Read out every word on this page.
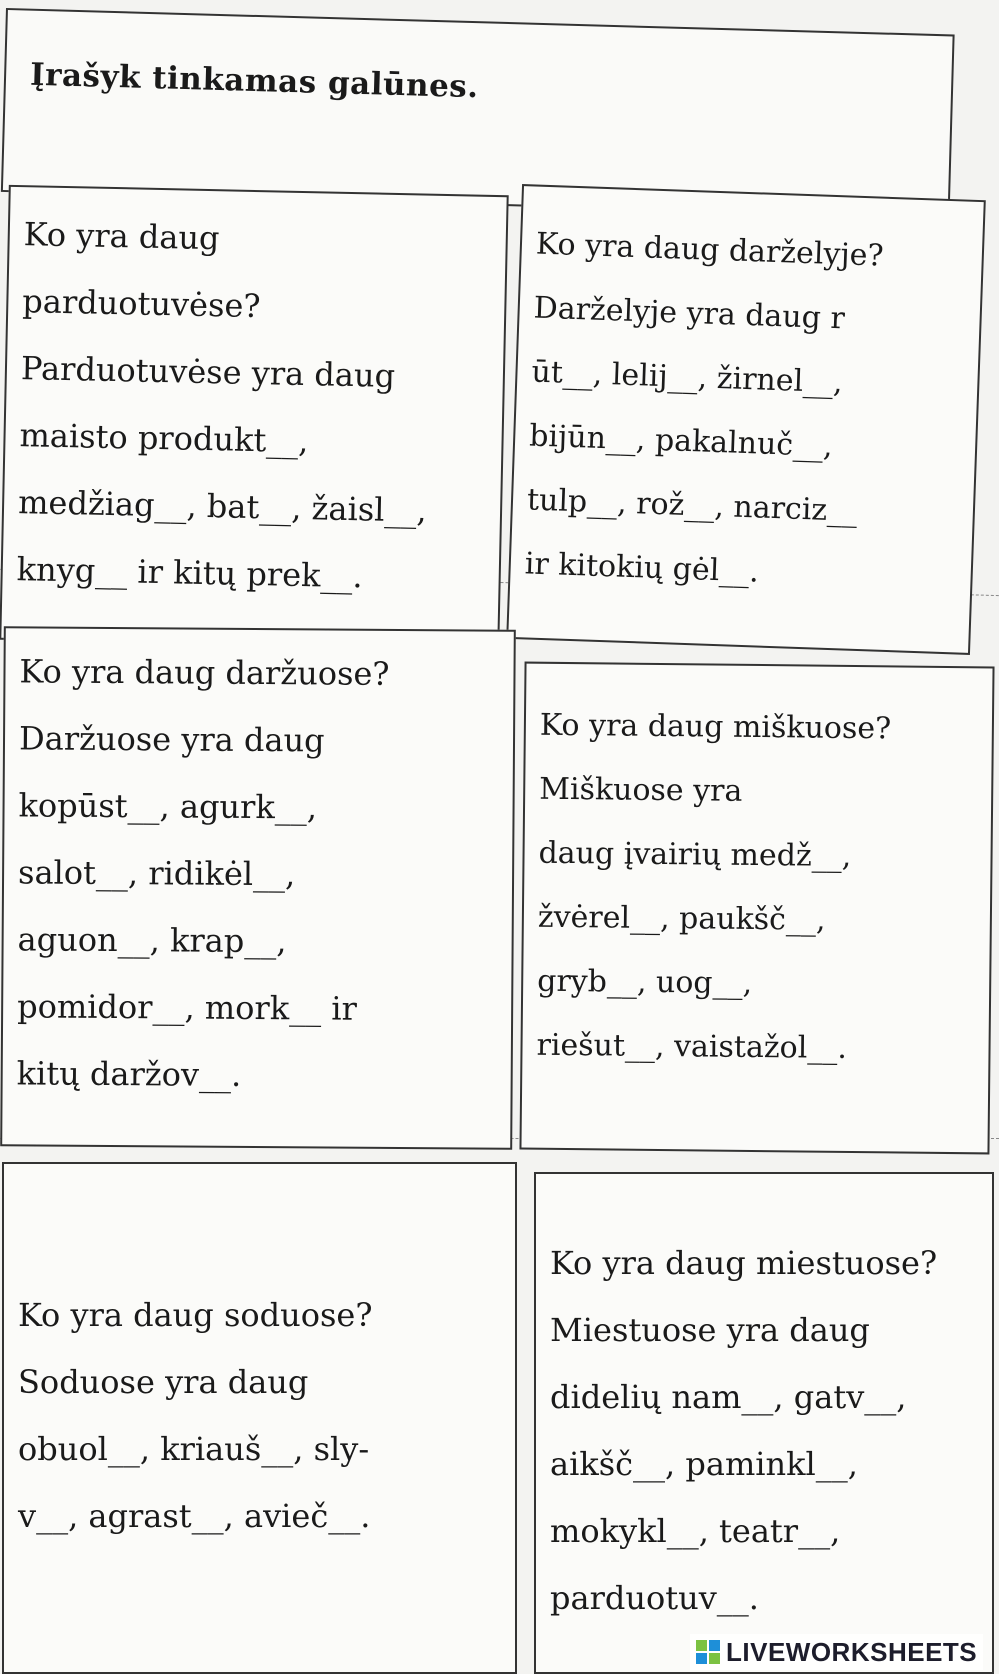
Įrašyk tinkamas galūnes.

Ko yra daug

parduotuvėse?

Parduotuvėse yra daug

maisto produkt__,

medžiag__, bat__, žaisl__,

knyg__ ir kitų prek__.

Ko yra daug darželyje?

Darželyje yra daug r

ūt__, lelij__, žirnel__,

bijūn__, pakalnuč__,

tulp__, rož__, narciz__

ir kitokių gėl__.

Ko yra daug daržuose?

Daržuose yra daug

kopūst__, agurk__,

salot__, ridikėl__,

aguon__, krap__,

pomidor__, mork__ ir

kitų daržov__.

Ko yra daug miškuose?

Miškuose yra

daug įvairių medž__,

žvėrel__, paukšč__,

gryb__, uog__,

riešut__, vaistažol__.

Ko yra daug soduose?

Soduose yra daug

obuol__, kriauš__, sly-

v__, agrast__, avieč__.

Ko yra daug miestuose?

Miestuose yra daug

didelių nam__, gatv__,

aikšč__, paminkl__,

mokykl__, teatr__,

parduotuv__.

LIVEWORKSHEETS
